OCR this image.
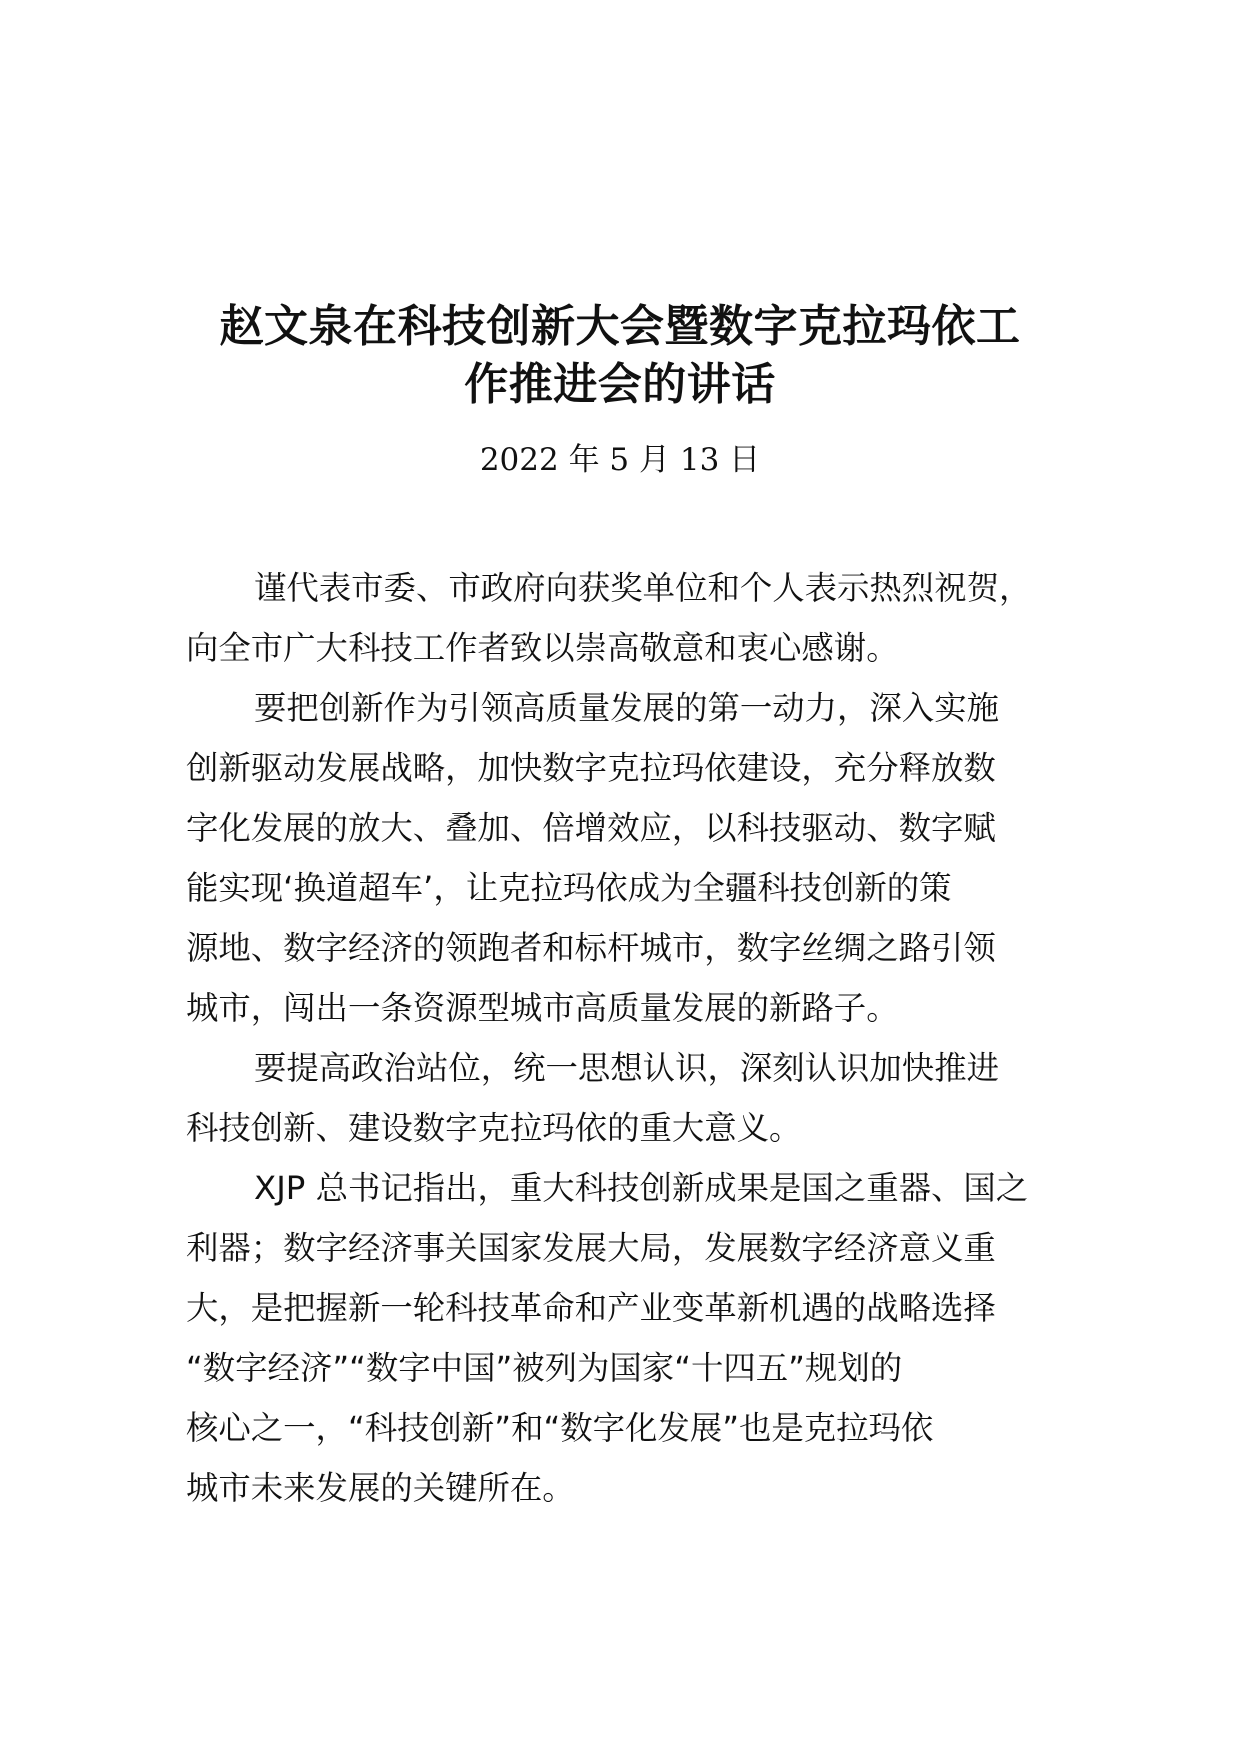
赵文泉在科技创新大会暨数字克拉玛依工
作推进会的讲话
2022 年 5 月 13 日

谨代表市委、市政府向获奖单位和个人表示热烈祝贺，
向全市广大科技工作者致以崇高敬意和衷心感谢。

要把创新作为引领高质量发展的第一动力，深入实施
创新驱动发展战略，加快数字克拉玛依建设，充分释放数
字化发展的放大、叠加、倍增效应，以科技驱动、数字赋
能实现‘换道超车’，让克拉玛依成为全疆科技创新的策
源地、数字经济的领跑者和标杆城市，数字丝绸之路引领
城市，闯出一条资源型城市高质量发展的新路子。

要提高政治站位，统一思想认识，深刻认识加快推进
科技创新、建设数字克拉玛依的重大意义。

XJP 总书记指出，重大科技创新成果是国之重器、国之
利器；数字经济事关国家发展大局，发展数字经济意义重
大，是把握新一轮科技革命和产业变革新机遇的战略选择
“数字经济”“数字中国”被列为国家“十四五”规划的
核心之一，“科技创新”和“数字化发展”也是克拉玛依
城市未来发展的关键所在。
